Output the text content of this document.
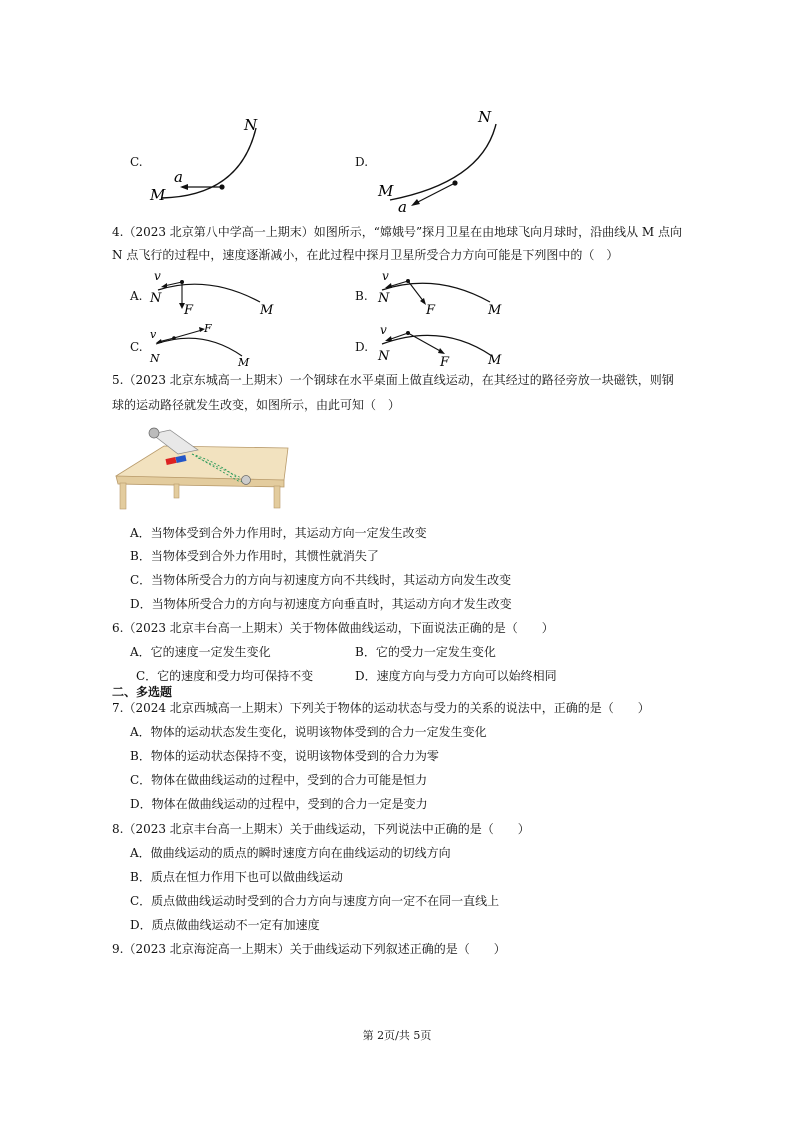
C.
N
M
a
D.
N
M
a
4.（2023 北京第八中学高一上期末）如图所示，“嫦娥号”探月卫星在由地球飞向月球时，沿曲线从 M 点向
N 点飞行的过程中，速度逐渐减小，在此过程中探月卫星所受合力方向可能是下列图中的（　）
A.
v
N
F	M
B.
v
N
F	M
C.
v
N
F
M
D.
v
N	F	M
5.（2023 北京东城高一上期末）一个钢球在水平桌面上做直线运动，在其经过的路径旁放一块磁铁，则钢
球的运动路径就发生改变，如图所示，由此可知（　）
A．当物体受到合外力作用时，其运动方向一定发生改变
B．当物体受到合外力作用时，其惯性就消失了
C．当物体所受合力的方向与初速度方向不共线时，其运动方向发生改变
D．当物体所受合力的方向与初速度方向垂直时，其运动方向才发生改变
6.（2023 北京丰台高一上期末）关于物体做曲线运动，下面说法正确的是（　　）
A．它的速度一定发生变化	B．它的受力一定发生变化
C．它的速度和受力均可保持不变	D．速度方向与受力方向可以始终相同
二、多选题
7.（2024 北京西城高一上期末）下列关于物体的运动状态与受力的关系的说法中，正确的是（　　）
A．物体的运动状态发生变化，说明该物体受到的合力一定发生变化
B．物体的运动状态保持不变，说明该物体受到的合力为零
C．物体在做曲线运动的过程中，受到的合力可能是恒力
D．物体在做曲线运动的过程中，受到的合力一定是变力
8.（2023 北京丰台高一上期末）关于曲线运动，下列说法中正确的是（　　）
A．做曲线运动的质点的瞬时速度方向在曲线运动的切线方向
B．质点在恒力作用下也可以做曲线运动
C．质点做曲线运动时受到的合力方向与速度方向一定不在同一直线上
D．质点做曲线运动不一定有加速度
9.（2023 北京海淀高一上期末）关于曲线运动下列叙述正确的是（　　）
第 2页/共 5页
